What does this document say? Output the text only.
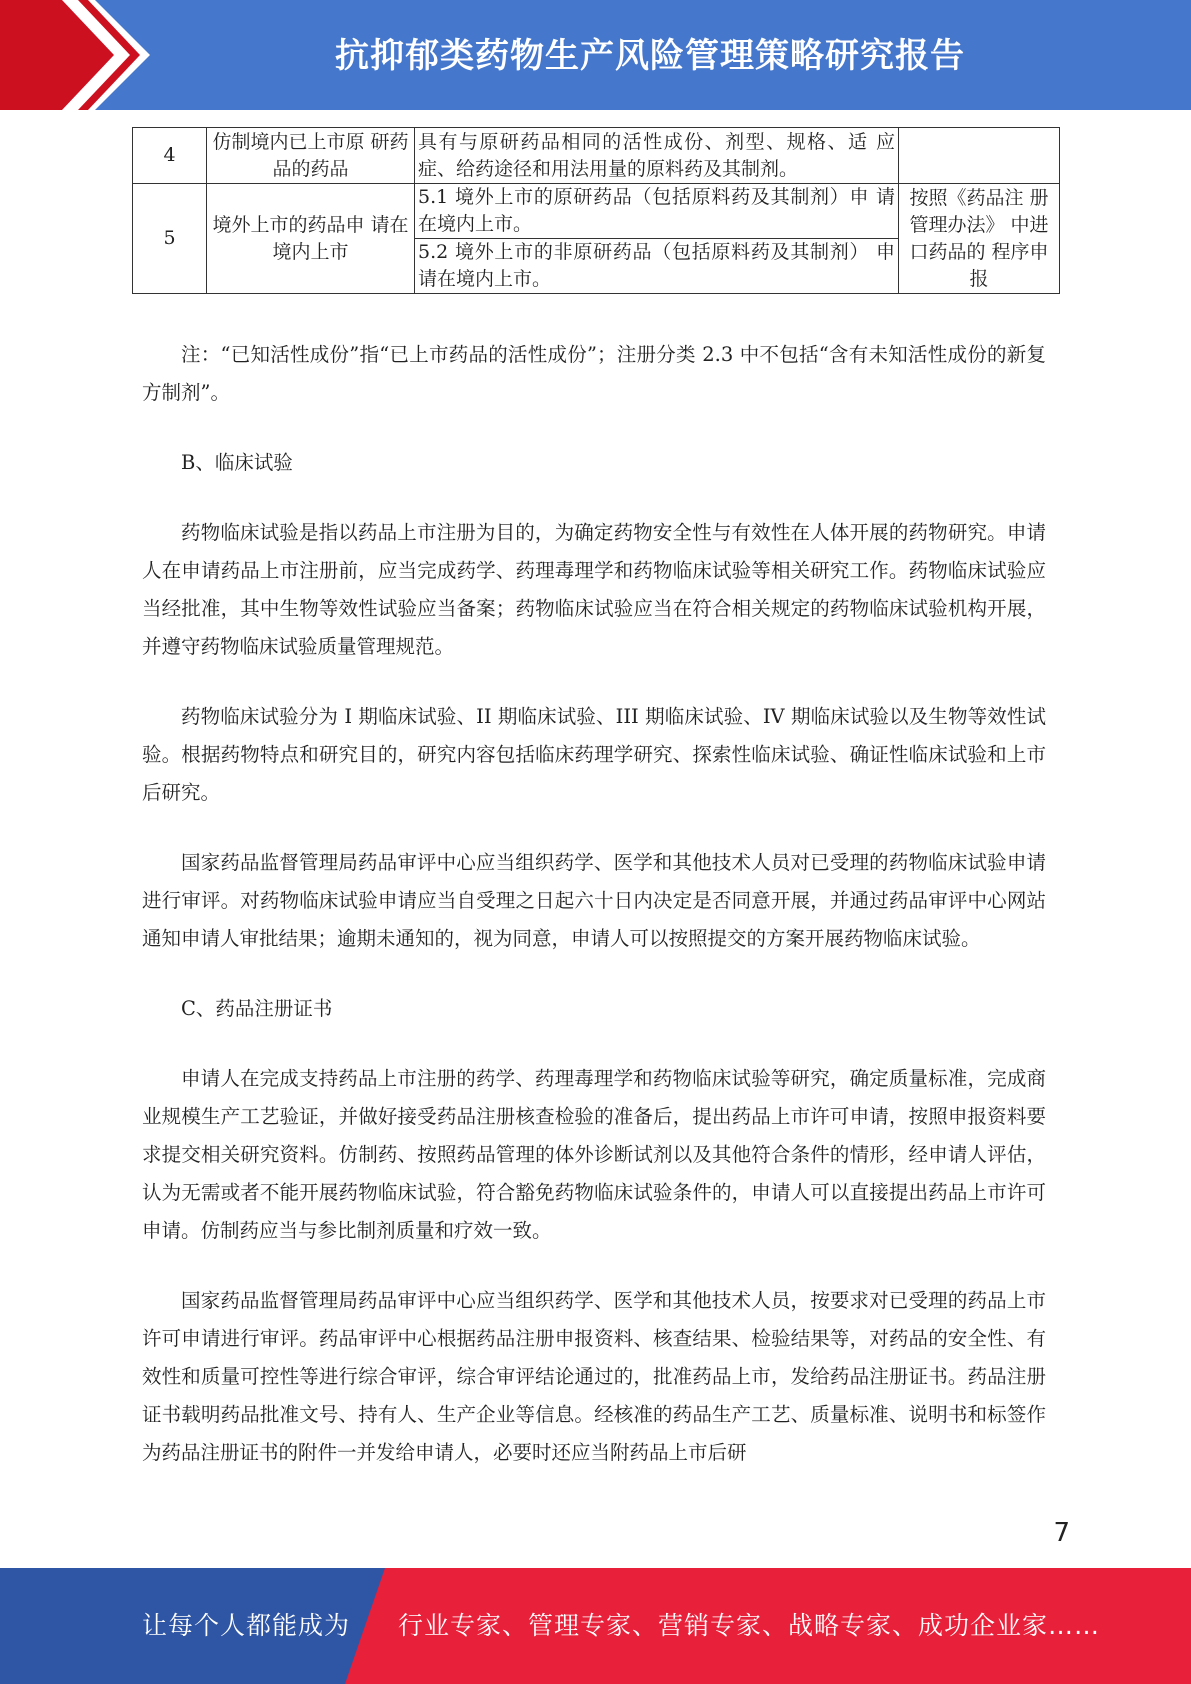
抗抑郁类药物生产风险管理策略研究报告
4	仿制境内已上市原 研药品的药品	具有与原研药品相同的活性成份、剂型、规格、适 应症、给药途径和用法用量的原料药及其制剂。	
5	境外上市的药品申 请在境内上市	5.1 境外上市的原研药品（包括原料药及其制剂）申 请在境内上市。	按照《药品注 册管理办法》 中进口药品的 程序申报
		5.2 境外上市的非原研药品（包括原料药及其制剂） 申请在境内上市。	

注：“已知活性成份”指“已上市药品的活性成份”；注册分类 2.3 中不包括“含有未知活性成份的新复方制剂”。

B、临床试验

药物临床试验是指以药品上市注册为目的，为确定药物安全性与有效性在人体开展的药物研究。申请人在申请药品上市注册前，应当完成药学、药理毒理学和药物临床试验等相关研究工作。药物临床试验应当经批准，其中生物等效性试验应当备案；药物临床试验应当在符合相关规定的药物临床试验机构开展，并遵守药物临床试验质量管理规范。

药物临床试验分为 I 期临床试验、II 期临床试验、III 期临床试验、IV 期临床试验以及生物等效性试验。根据药物特点和研究目的，研究内容包括临床药理学研究、探索性临床试验、确证性临床试验和上市后研究。

国家药品监督管理局药品审评中心应当组织药学、医学和其他技术人员对已受理的药物临床试验申请进行审评。对药物临床试验申请应当自受理之日起六十日内决定是否同意开展，并通过药品审评中心网站通知申请人审批结果；逾期未通知的，视为同意，申请人可以按照提交的方案开展药物临床试验。

C、药品注册证书

申请人在完成支持药品上市注册的药学、药理毒理学和药物临床试验等研究，确定质量标准，完成商业规模生产工艺验证，并做好接受药品注册核查检验的准备后，提出药品上市许可申请，按照申报资料要求提交相关研究资料。仿制药、按照药品管理的体外诊断试剂以及其他符合条件的情形，经申请人评估，认为无需或者不能开展药物临床试验，符合豁免药物临床试验条件的，申请人可以直接提出药品上市许可申请。仿制药应当与参比制剂质量和疗效一致。

国家药品监督管理局药品审评中心应当组织药学、医学和其他技术人员，按要求对已受理的药品上市许可申请进行审评。药品审评中心根据药品注册申报资料、核查结果、检验结果等，对药品的安全性、有效性和质量可控性等进行综合审评，综合审评结论通过的，批准药品上市，发给药品注册证书。药品注册证书载明药品批准文号、持有人、生产企业等信息。经核准的药品生产工艺、质量标准、说明书和标签作为药品注册证书的附件一并发给申请人，必要时还应当附药品上市后研

7
让每个人都能成为 行业专家、管理专家、营销专家、战略专家、成功企业家……
